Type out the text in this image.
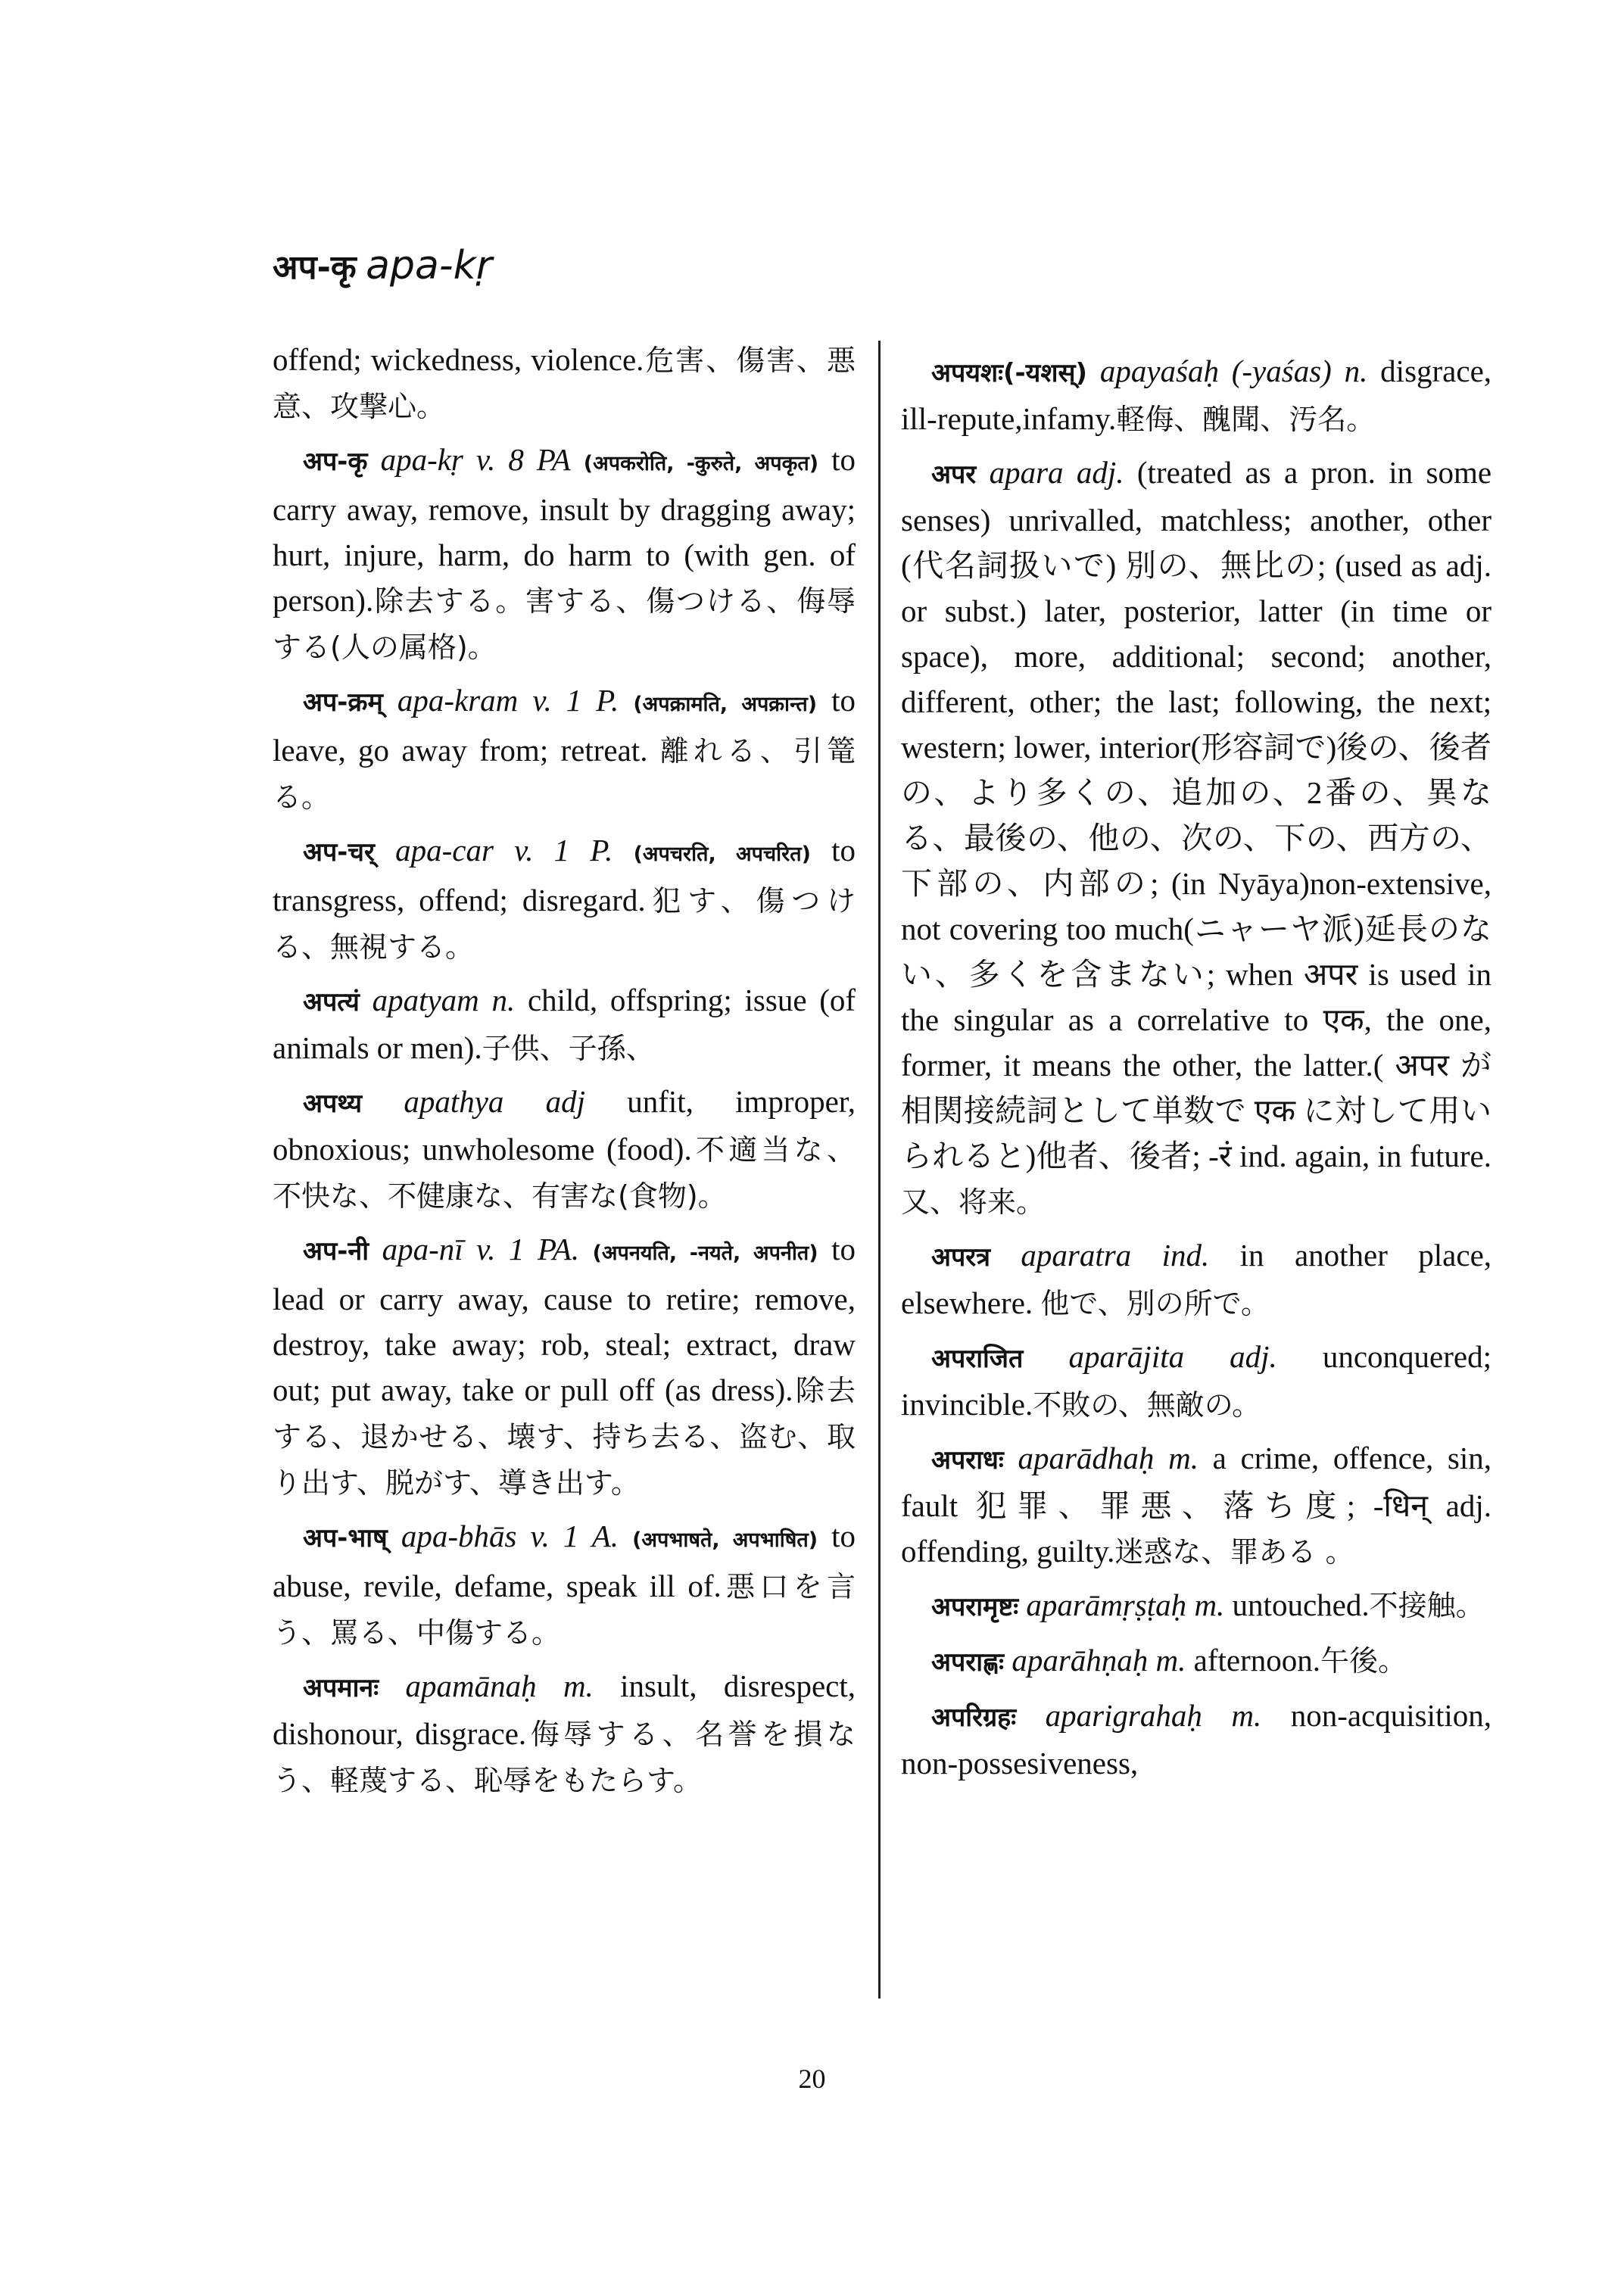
अप-कृ apa-kṛ

offend; wickedness, violence.危害、傷害、悪意、攻撃心。

अप-कृ apa-kṛ v. 8 PA (अपकरोति, -कुरुते, अपकृत) to carry away, remove, insult by dragging away; hurt, injure, harm, do harm to (with gen. of person).除去する。害する、傷つける、侮辱する(人の属格)。

अप-क्रम् apa-kram v. 1 P. (अपक्रामति, अपक्रान्त) to leave, go away from; retreat. 離れる、引篭る。

अप-चर् apa-car v. 1 P. (अपचरति, अपचरित) to transgress, offend; disregard.犯す、傷つける、無視する。

अपत्यं apatyam n. child, offspring; issue (of animals or men).子供、子孫、

अपथ्य apathya adj unfit, improper, obnoxious; unwholesome (food).不適当な、不快な、不健康な、有害な(食物)。

अप-नी apa-nī v. 1 PA. (अपनयति, -नयते, अपनीत) to lead or carry away, cause to retire; remove, destroy, take away; rob, steal; extract, draw out; put away, take or pull off (as dress).除去する、退かせる、壊す、持ち去る、盗む、取り出す、脱がす、導き出す。

अप-भाष् apa-bhās v. 1 A. (अपभाषते, अपभाषित) to abuse, revile, defame, speak ill of.悪口を言う、罵る、中傷する。

अपमानः apamānaḥ m. insult, disrespect, dishonour, disgrace.侮辱する、名誉を損なう、軽蔑する、恥辱をもたらす。

अपयशः(-यशस्) apayaśaḥ (-yaśas) n. disgrace, ill-repute,infamy.軽侮、醜聞、汚名。

अपर apara adj. (treated as a pron. in some senses) unrivalled, matchless; another, other (代名詞扱いで) 別の、無比の; (used as adj. or subst.) later, posterior, latter (in time or space), more, additional; second; another, different, other; the last; following, the next; western; lower, interior(形容詞で)後の、後者の、より多くの、追加の、2番の、異なる、最後の、他の、次の、下の、西方の、下部の、内部の; (in Nyāya)non-extensive, not covering too much(ニャーヤ派)延長のない、多くを含まない; when अपर is used in the singular as a correlative to एक, the one, former, it means the other, the latter.( अपर が 相関接続詞として単数で एक に対して用いられると)他者、後者; -रं ind. again, in future.又、将来。

अपरत्र aparatra ind. in another place, elsewhere. 他で、別の所で。

अपराजित aparājita adj. unconquered; invincible.不敗の、無敵の。

अपराधः aparādhaḥ m. a crime, offence, sin, fault 犯罪、罪悪、落ち度; -धिन् adj. offending, guilty.迷惑な、罪ある 。

अपरामृष्टः aparāmṛṣṭaḥ m. untouched.不接触。

अपराह्णः aparāhṇaḥ m. afternoon.午後。

अपरिग्रहः aparigrahaḥ m. non-acquisition, non-possesiveness,

20
